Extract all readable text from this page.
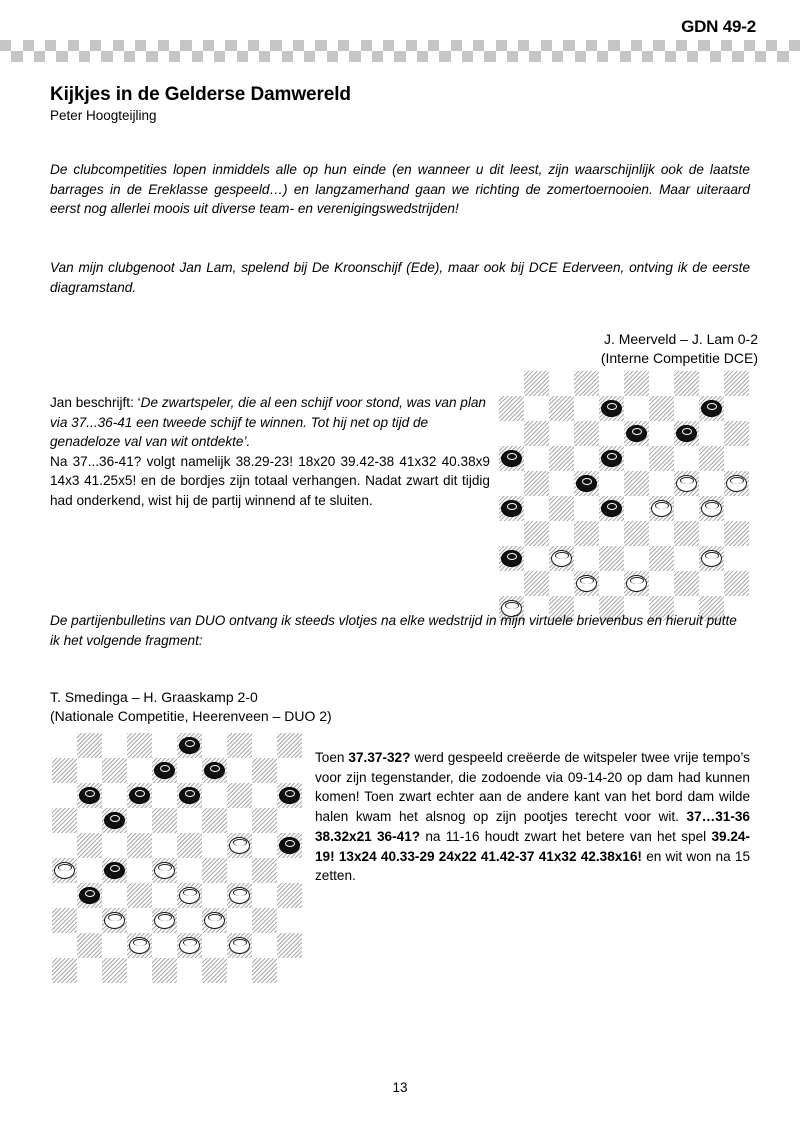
GDN 49-2
Kijkjes in de Gelderse Damwereld

Peter Hoogteijling

De clubcompetities lopen inmiddels alle op hun einde (en wanneer u dit leest, zijn waarschijnlijk ook de laatste barrages in de Ereklasse gespeeld…) en langzamerhand gaan we richting de zomertoernooien. Maar uiteraard eerst nog allerlei moois uit diverse team- en verenigingswedstrijden!

Van mijn clubgenoot Jan Lam, spelend bij De Kroonschijf (Ede), maar ook bij DCE Ederveen, ontving ik de eerste diagramstand.

J. Meerveld – J. Lam 0-2
(Interne Competitie DCE)

Jan beschrijft: ‘De zwartspeler, die al een schijf voor stond, was van plan via 37...36-41 een tweede schijf te winnen. Tot hij net op tijd de genadeloze val van wit ontdekte’.

Na 37...36-41? volgt namelijk 38.29-23! 18x20 39.42-38 41x32 40.38x9 14x3 41.25x5! en de bordjes zijn totaal verhangen. Nadat zwart dit tijdig had onderkend, wist hij de partij winnend af te sluiten.

De partijenbulletins van DUO ontvang ik steeds vlotjes na elke wedstrijd in mijn virtuele brievenbus en hieruit putte ik het volgende fragment:

T. Smedinga – H. Graaskamp 2-0
(Nationale Competitie, Heerenveen – DUO 2)

Toen 37.37-32? werd gespeeld creëerde de witspeler twee vrije tempo’s voor zijn tegenstander, die zodoende via 09-14-20 op dam had kunnen komen! Toen zwart echter aan de andere kant van het bord dam wilde halen kwam het alsnog op zijn pootjes terecht voor wit. 37…31-36 38.32x21 36-41? na 11-16 houdt zwart het betere van het spel 39.24-19! 13x24 40.33-29 24x22 41.42-37 41x32 42.38x16! en wit won na 15 zetten.

13
